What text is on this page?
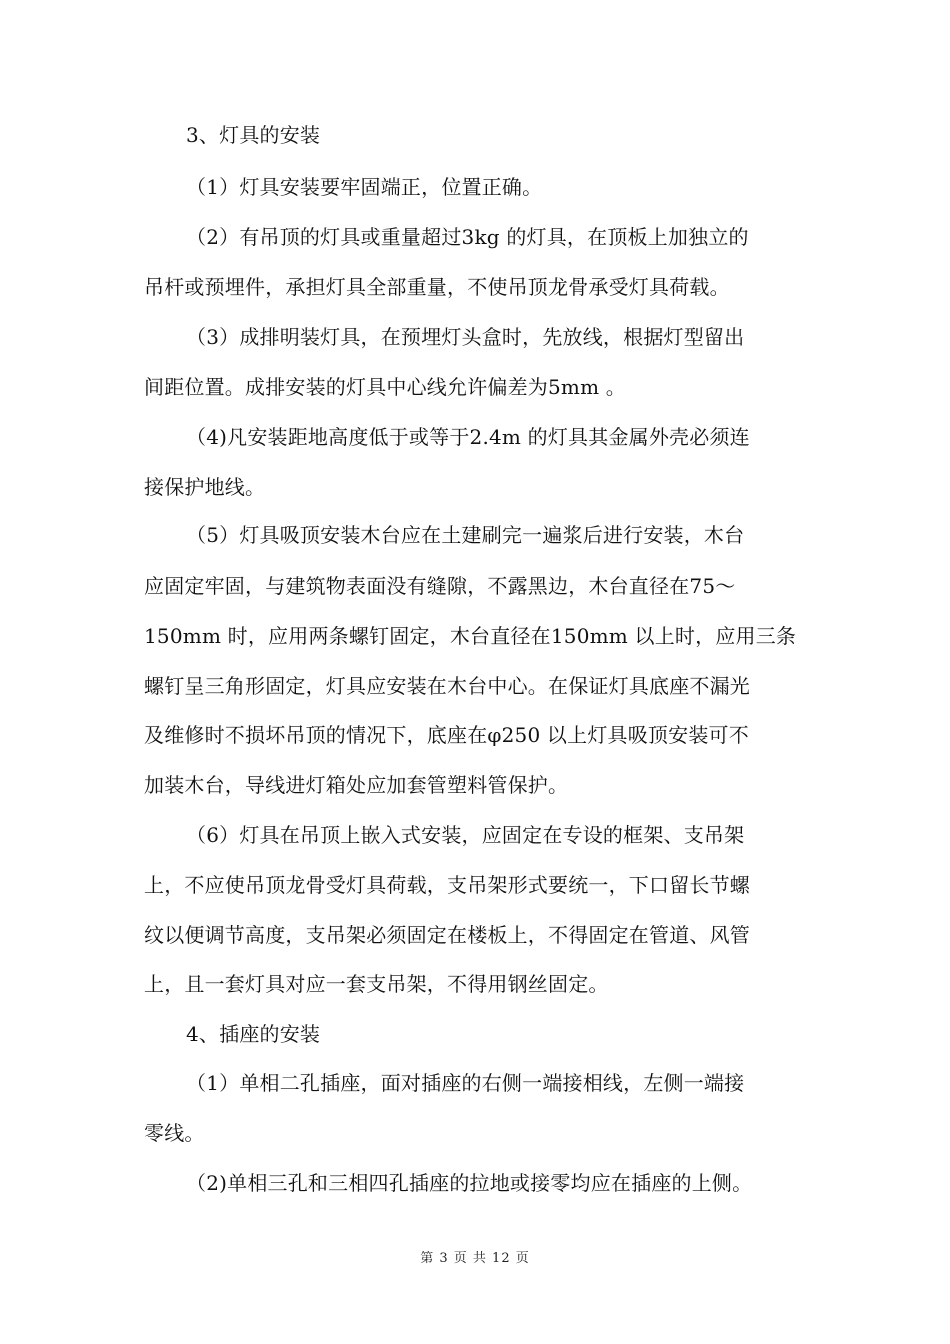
3、灯具的安装
（1）灯具安装要牢固端正，位置正确。
（2）有吊顶的灯具或重量超过3kg 的灯具，在顶板上加独立的
吊杆或预埋件，承担灯具全部重量，不使吊顶龙骨承受灯具荷载。
（3）成排明装灯具，在预埋灯头盒时，先放线，根据灯型留出
间距位置。成排安装的灯具中心线允许偏差为5mm 。
（4)凡安装距地高度低于或等于2.4m 的灯具其金属外壳必须连
接保护地线。
（5）灯具吸顶安装木台应在土建刷完一遍浆后进行安装，木台
应固定牢固，与建筑物表面没有缝隙，不露黑边，木台直径在75～
150mm 时，应用两条螺钉固定，木台直径在150mm 以上时，应用三条
螺钉呈三角形固定，灯具应安装在木台中心。在保证灯具底座不漏光
及维修时不损坏吊顶的情况下，底座在φ250 以上灯具吸顶安装可不
加装木台，导线进灯箱处应加套管塑料管保护。
（6）灯具在吊顶上嵌入式安装，应固定在专设的框架、支吊架
上，不应使吊顶龙骨受灯具荷载，支吊架形式要统一，下口留长节螺
纹以便调节高度，支吊架必须固定在楼板上，不得固定在管道、风管
上，且一套灯具对应一套支吊架，不得用钢丝固定。
4、插座的安装
（1）单相二孔插座，面对插座的右侧一端接相线，左侧一端接
零线。
（2)单相三孔和三相四孔插座的拉地或接零均应在插座的上侧。
第 3 页 共 12 页
